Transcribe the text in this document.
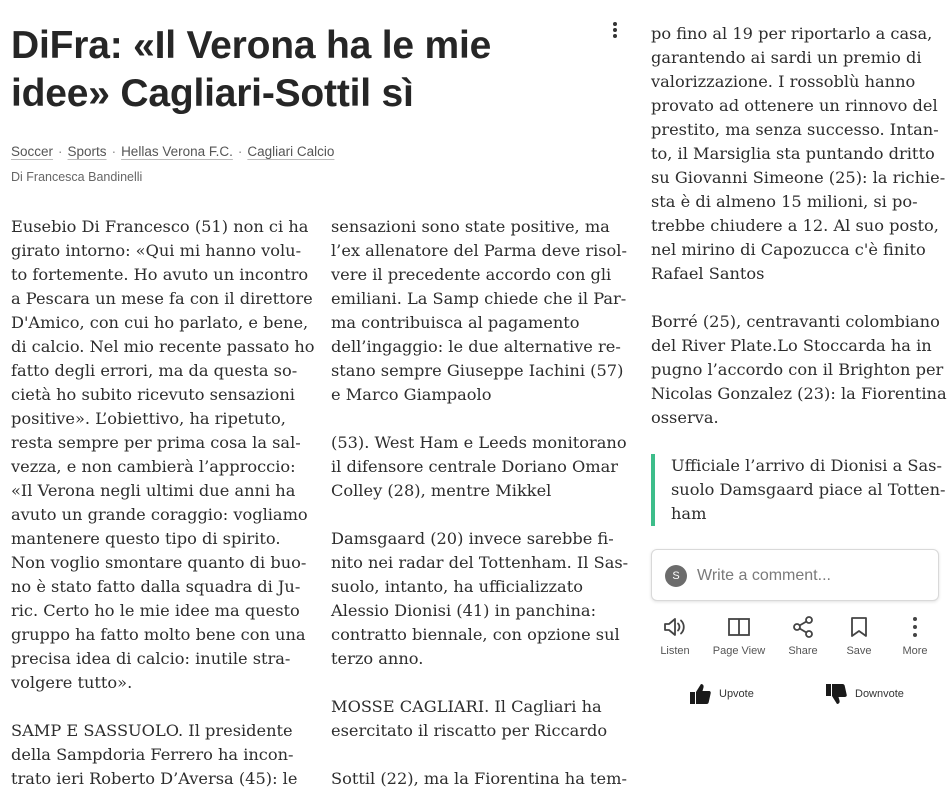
DiFra: «Il Verona ha le mie idee» Cagliari-Sottil sì
Soccer · Sports · Hellas Verona F.C. · Cagliari Calcio
Di Francesca Bandinelli

Eusebio Di Francesco (51) non ci ha
girato intorno: «Qui mi hanno volu-
to fortemente. Ho avuto un incontro
a Pescara un mese fa con il direttore
D'Amico, con cui ho parlato, e bene,
di calcio. Nel mio recente passato ho
fatto degli errori, ma da questa so-
cietà ho subito ricevuto sensazioni
positive». L’obiettivo, ha ripetuto,
resta sempre per prima cosa la sal-
vezza, e non cambierà l’approccio:
«Il Verona negli ultimi due anni ha
avuto un grande coraggio: vogliamo
mantenere questo tipo di spirito.
Non voglio smontare quanto di buo-
no è stato fatto dalla squadra di Ju-
ric. Certo ho le mie idee ma questo
gruppo ha fatto molto bene con una
precisa idea di calcio: inutile stra-
volgere tutto».

SAMP E SASSUOLO. Il presidente
della Sampdoria Ferrero ha incon-
trato ieri Roberto D’Aversa (45): le

sensazioni sono state positive, ma
l’ex allenatore del Parma deve risol-
vere il precedente accordo con gli
emiliani. La Samp chiede che il Par-
ma contribuisca al pagamento
dell’ingaggio: le due alternative re-
stano sempre Giuseppe Iachini (57)
e Marco Giampaolo

(53). West Ham e Leeds monitorano
il difensore centrale Doriano Omar
Colley (28), mentre Mikkel

Damsgaard (20) invece sarebbe fi-
nito nei radar del Tottenham. Il Sas-
suolo, intanto, ha ufficializzato
Alessio Dionisi (41) in panchina:
contratto biennale, con opzione sul
terzo anno.

MOSSE CAGLIARI. Il Cagliari ha
esercitato il riscatto per Riccardo

Sottil (22), ma la Fiorentina ha tem-

po fino al 19 per riportarlo a casa,
garantendo ai sardi un premio di
valorizzazione. I rossoblù hanno
provato ad ottenere un rinnovo del
prestito, ma senza successo. Intan-
to, il Marsiglia sta puntando dritto
su Giovanni Simeone (25): la richie-
sta è di almeno 15 milioni, si po-
trebbe chiudere a 12. Al suo posto,
nel mirino di Capozucca c'è finito
Rafael Santos

Borré (25), centravanti colombiano
del River Plate.Lo Stoccarda ha in
pugno l’accordo con il Brighton per
Nicolas Gonzalez (23): la Fiorentina
osserva.

Ufficiale l’arrivo di Dionisi a Sas-
suolo Damsgaard piace al Totten-
ham
S
Write a comment...
Listen	Page View	Share	Save	More
Upvote	Downvote
